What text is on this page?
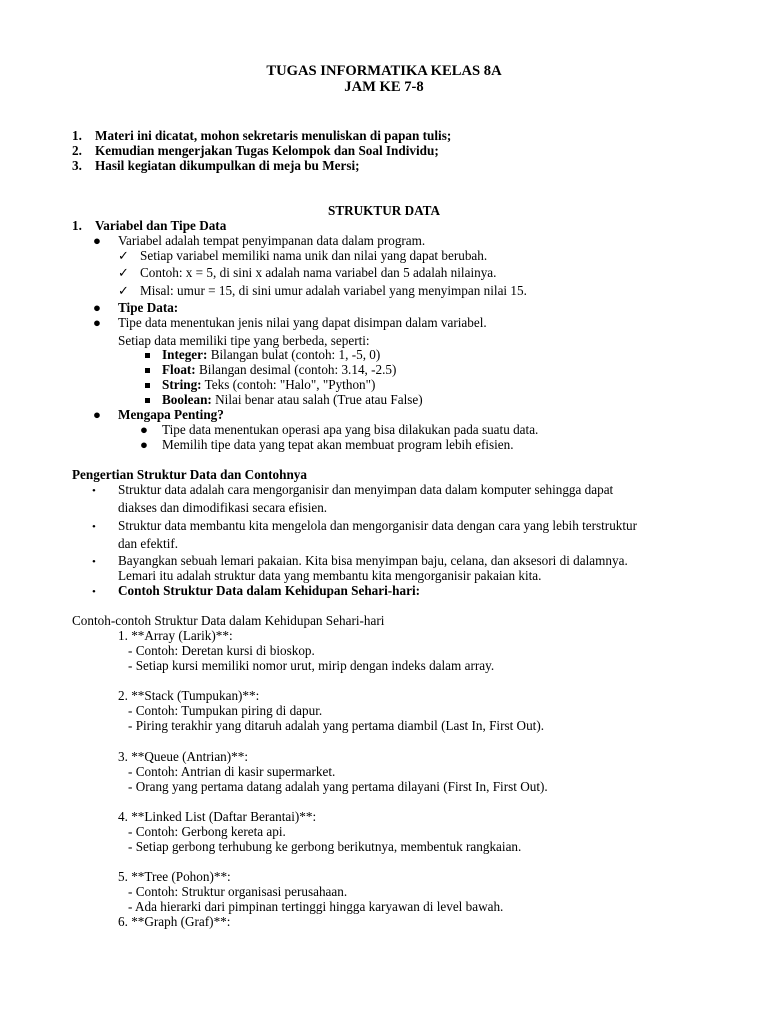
TUGAS INFORMATIKA KELAS 8A
JAM KE 7-8
1. Materi ini dicatat, mohon sekretaris menuliskan di papan tulis;
2. Kemudian mengerjakan Tugas Kelompok dan Soal Individu;
3. Hasil kegiatan dikumpulkan di meja bu Mersi;
STRUKTUR DATA
1. Variabel dan Tipe Data
● Variabel adalah tempat penyimpanan data dalam program.
✓ Setiap variabel memiliki nama unik dan nilai yang dapat berubah.
✓ Contoh: x = 5, di sini x adalah nama variabel dan 5 adalah nilainya.
✓ Misal: umur = 15, di sini umur adalah variabel yang menyimpan nilai 15.
● Tipe Data:
● Tipe data menentukan jenis nilai yang dapat disimpan dalam variabel.
Setiap data memiliki tipe yang berbeda, seperti:
Integer: Bilangan bulat (contoh: 1, -5, 0)
Float: Bilangan desimal (contoh: 3.14, -2.5)
String: Teks (contoh: "Halo", "Python")
Boolean: Nilai benar atau salah (True atau False)
● Mengapa Penting?
● Tipe data menentukan operasi apa yang bisa dilakukan pada suatu data.
● Memilih tipe data yang tepat akan membuat program lebih efisien.
Pengertian Struktur Data dan Contohnya
• Struktur data adalah cara mengorganisir dan menyimpan data dalam komputer sehingga dapat
diakses dan dimodifikasi secara efisien.
• Struktur data membantu kita mengelola dan mengorganisir data dengan cara yang lebih terstruktur
dan efektif.
• Bayangkan sebuah lemari pakaian. Kita bisa menyimpan baju, celana, dan aksesori di dalamnya.
Lemari itu adalah struktur data yang membantu kita mengorganisir pakaian kita.
• Contoh Struktur Data dalam Kehidupan Sehari-hari:
Contoh-contoh Struktur Data dalam Kehidupan Sehari-hari
1. **Array (Larik)**:
- Contoh: Deretan kursi di bioskop.
- Setiap kursi memiliki nomor urut, mirip dengan indeks dalam array.
2. **Stack (Tumpukan)**:
- Contoh: Tumpukan piring di dapur.
- Piring terakhir yang ditaruh adalah yang pertama diambil (Last In, First Out).
3. **Queue (Antrian)**:
- Contoh: Antrian di kasir supermarket.
- Orang yang pertama datang adalah yang pertama dilayani (First In, First Out).
4. **Linked List (Daftar Berantai)**:
- Contoh: Gerbong kereta api.
- Setiap gerbong terhubung ke gerbong berikutnya, membentuk rangkaian.
5. **Tree (Pohon)**:
- Contoh: Struktur organisasi perusahaan.
- Ada hierarki dari pimpinan tertinggi hingga karyawan di level bawah.
6. **Graph (Graf)**:
